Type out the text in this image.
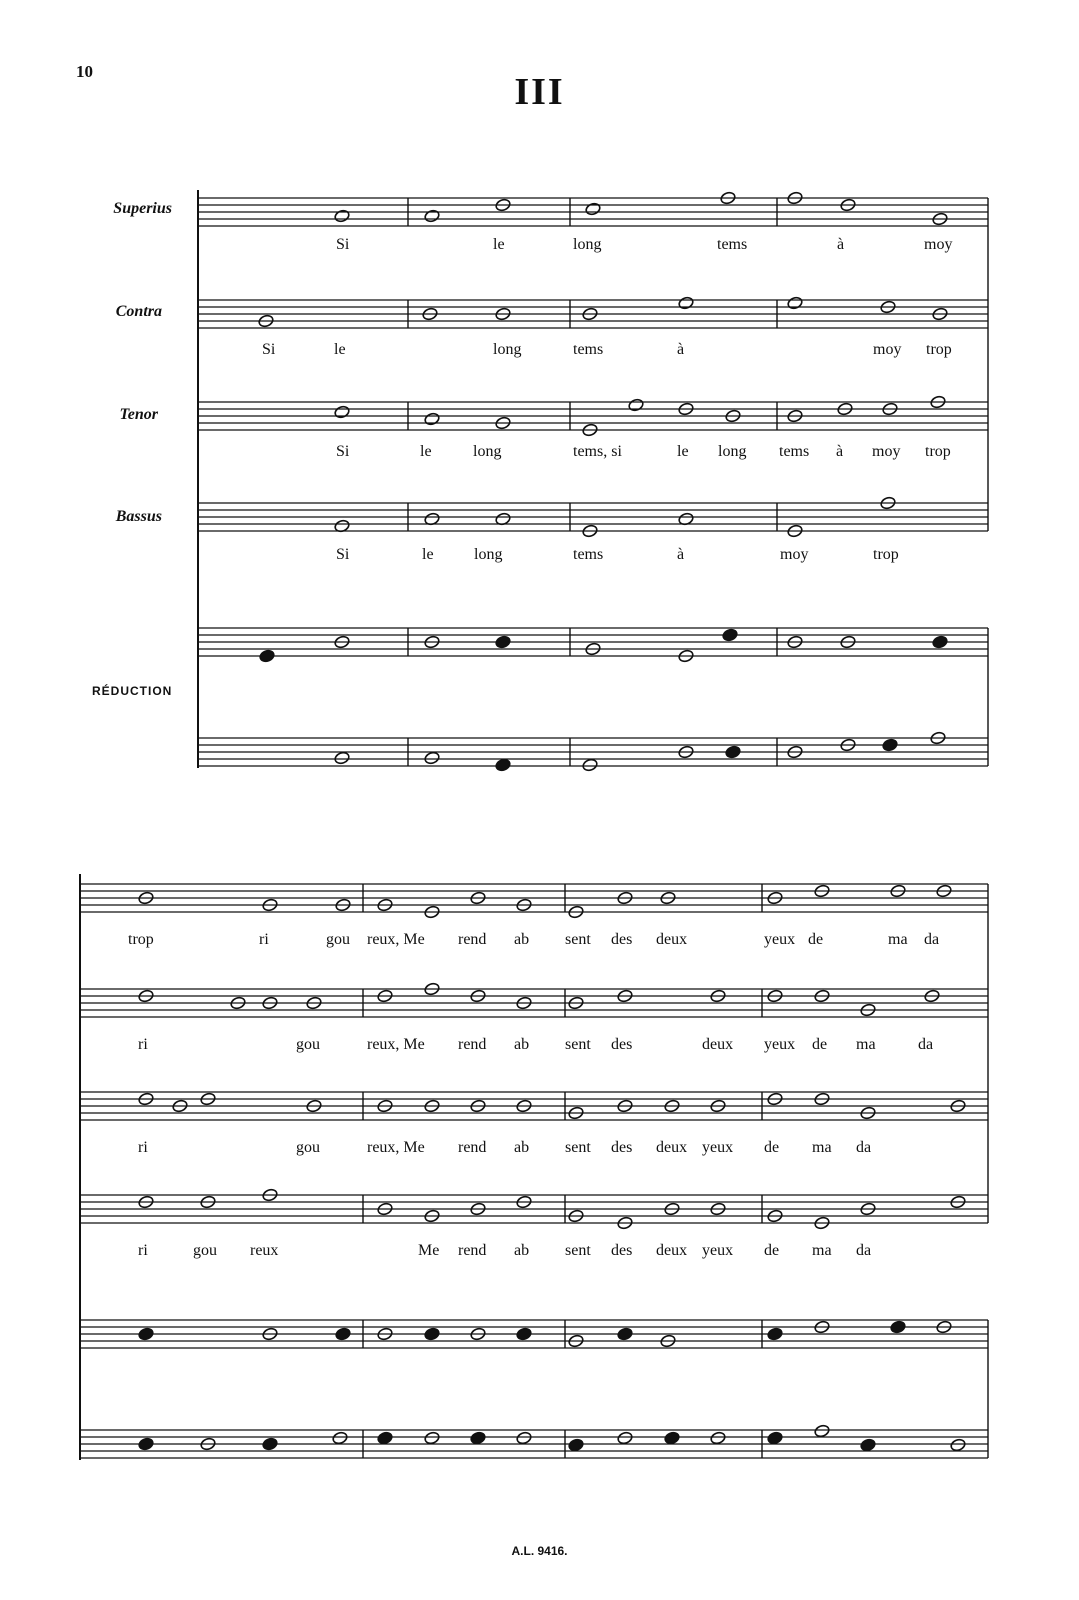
10	III
Superius
Contra
Tenor
Bassus
RÉDUCTION
Si	le	long	tems	à	moy
Si	le	long	tems	à	moy trop
Si	le	long	tems, si	le long tems à moy trop
Si	le	long	tems	à	moy	trop
trop	ri	gou reux, Me rend ab sent des deux	yeux de	ma da
ri	gou	reux, Me rend ab sent des	deux yeux de ma	da
ri	gou	reux, Me rend ab sent des deux yeux de ma da
ri	gou reux	Me rend ab sent des deux yeux de ma da
A.L. 9416.
